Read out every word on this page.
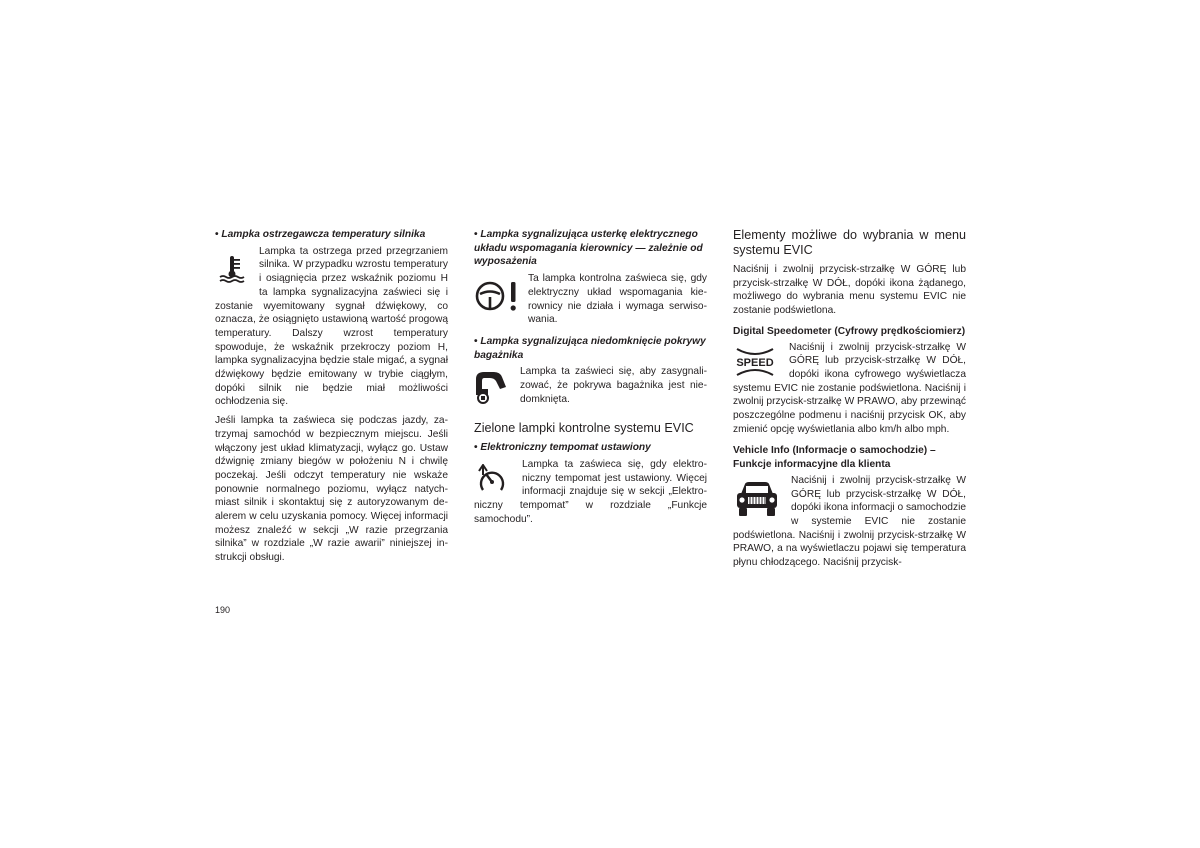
• Lampka ostrzegawcza temperatury silnika

Lampka ta ostrzega przed przegrzaniem silnika. W przypadku wzrostu temperatury i osiągnięcia przez wskaźnik poziomu H ta lampka sygnalizacyjna zaświeci się i zostanie wyemitowany sygnał dźwiękowy, co oznacza, że osiągnięto ustawioną wartość progową temperatury. Dalszy wzrost temperatury spowoduje, że wskaźnik przekroczy poziom H, lampka sygnalizacyjna będzie stale migać, a sygnał dźwiękowy będzie emitowany w trybie ciągłym, dopóki silnik nie będzie miał możliwości ochłodzenia się.

Jeśli lampka ta zaświeca się podczas jazdy, zatrzymaj samochód w bezpiecznym miejscu. Jeśli włączony jest układ klimatyzacji, wyłącz go. Ustaw dźwignię zmiany biegów w położeniu N i chwilę poczekaj. Jeśli odczyt temperatury nie wskaże ponownie normalnego poziomu, wyłącz natychmiast silnik i skontaktuj się z autoryzowanym dealerem w celu uzyskania pomocy. Więcej informacji możesz znaleźć w sekcji „W razie przegrzania silnika” w rozdziale „W razie awarii” niniejszej instrukcji obsługi.

• Lampka sygnalizująca usterkę elektrycznego układu wspomagania kierownicy — zależnie od wyposażenia

Ta lampka kontrolna zaświeca się, gdy elektryczny układ wspomagania kierownicy nie działa i wymaga serwisowania.

• Lampka sygnalizująca niedomknięcie pokrywy bagażnika

Lampka ta zaświeci się, aby zasygnalizować, że pokrywa bagażnika jest niedomknięta.

Zielone lampki kontrolne systemu EVIC

• Elektroniczny tempomat ustawiony

Lampka ta zaświeca się, gdy elektroniczny tempomat jest ustawiony. Więcej informacji znajduje się w sekcji „Elektroniczny tempomat” w rozdziale „Funkcje samochodu”.

Elementy możliwe do wybrania w menu systemu EVIC

Naciśnij i zwolnij przycisk-strzałkę W GÓRĘ lub przycisk-strzałkę W DÓŁ, dopóki ikona żądanego, możliwego do wybrania menu systemu EVIC nie zostanie podświetlona.

Digital Speedometer (Cyfrowy prędkościomierz)

SPEED

Naciśnij i zwolnij przycisk-strzałkę W GÓRĘ lub przycisk-strzałkę W DÓŁ, dopóki ikona cyfrowego wyświetlacza systemu EVIC nie zostanie podświetlona. Naciśnij i zwolnij przycisk-strzałkę W PRAWO, aby przewinąć poszczególne podmenu i naciśnij przycisk OK, aby zmienić opcję wyświetlania albo km/h albo mph.

Vehicle Info (Informacje o samochodzie) – Funkcje informacyjne dla klienta

Naciśnij i zwolnij przycisk-strzałkę W GÓRĘ lub przycisk-strzałkę W DÓŁ, dopóki ikona informacji o samochodzie w systemie EVIC nie zostanie podświetlona. Naciśnij i zwolnij przycisk-strzałkę W PRAWO, a na wyświetlaczu pojawi się temperatura płynu chłodzącego. Naciśnij przycisk-

190
